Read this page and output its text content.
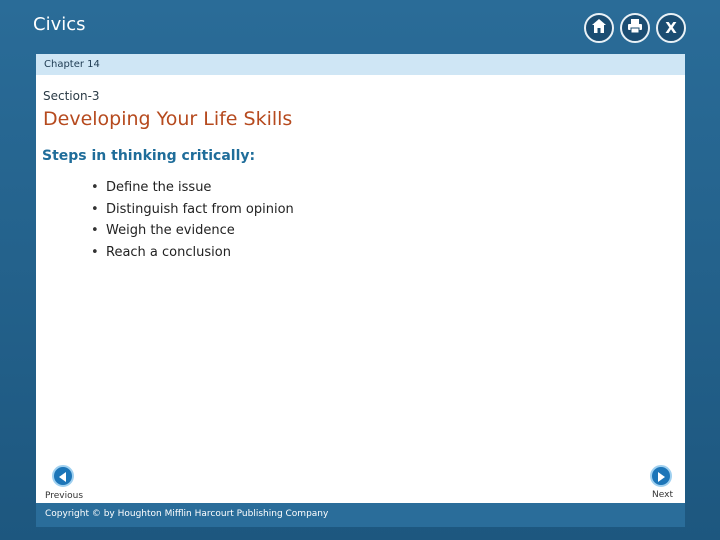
Civics	X
Chapter 14
Section-3
Developing Your Life Skills
Steps in thinking critically:
• Define the issue
• Distinguish fact from opinion
• Weigh the evidence
• Reach a conclusion
Previous	Next
Copyright © by Houghton Mifflin Harcourt Publishing Company
